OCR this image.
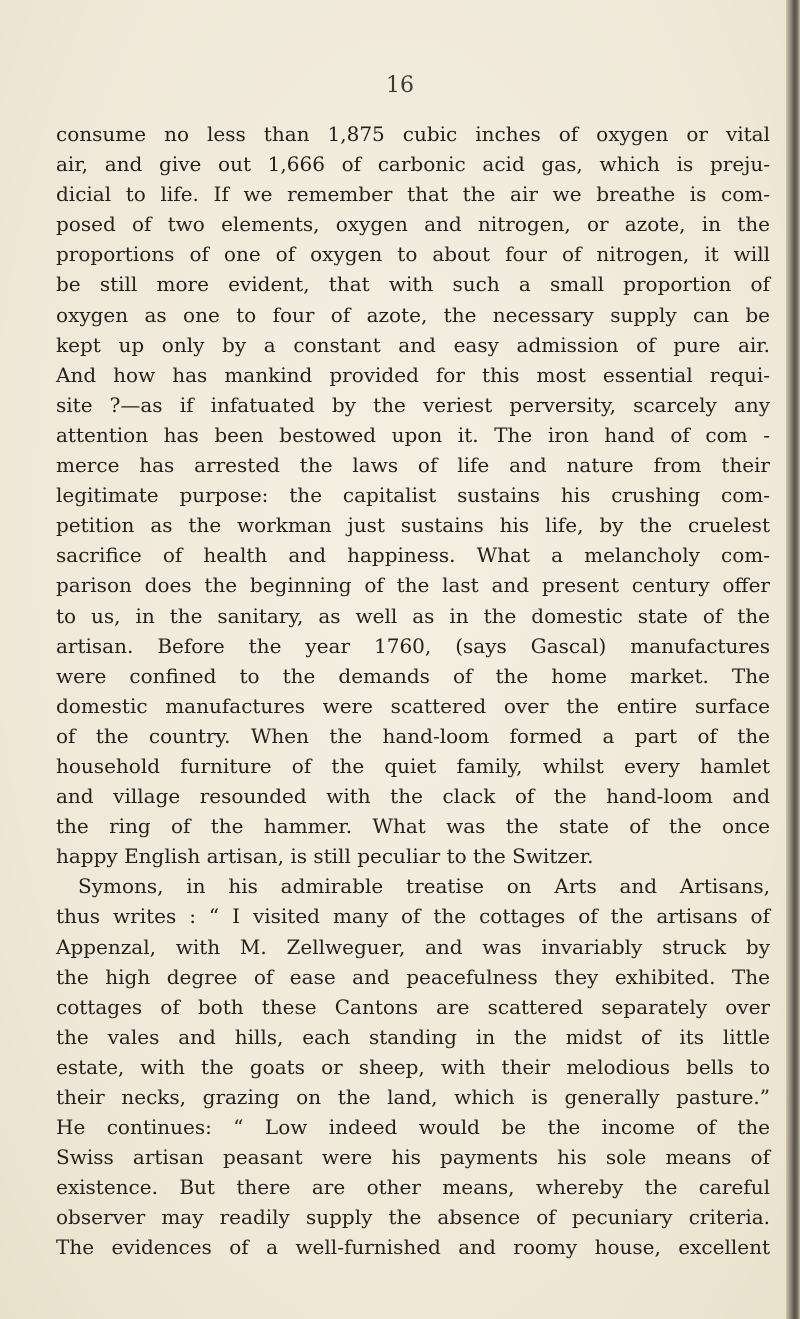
16

consume no less than 1,875 cubic inches of oxygen or vital
air, and give out 1,666 of carbonic acid gas, which is preju-
dicial to life. If we remember that the air we breathe is com-
posed of two elements, oxygen and nitrogen, or azote, in the
proportions of one of oxygen to about four of nitrogen, it will
be still more evident, that with such a small proportion of
oxygen as one to four of azote, the necessary supply can be
kept up only by a constant and easy admission of pure air.
And how has mankind provided for this most essential requi-
site ?—as if infatuated by the veriest perversity, scarcely any
attention has been bestowed upon it. The iron hand of com -
merce has arrested the laws of life and nature from their
legitimate purpose: the capitalist sustains his crushing com-
petition as the workman just sustains his life, by the cruelest
sacrifice of health and happiness. What a melancholy com-
parison does the beginning of the last and present century offer
to us, in the sanitary, as well as in the domestic state of the
artisan. Before the year 1760, (says Gascal) manufactures
were confined to the demands of the home market. The
domestic manufactures were scattered over the entire surface
of the country. When the hand-loom formed a part of the
household furniture of the quiet family, whilst every hamlet
and village resounded with the clack of the hand-loom and
the ring of the hammer. What was the state of the once
happy English artisan, is still peculiar to the Switzer.
Symons, in his admirable treatise on Arts and Artisans,
thus writes : “ I visited many of the cottages of the artisans of
Appenzal, with M. Zellweguer, and was invariably struck by
the high degree of ease and peacefulness they exhibited. The
cottages of both these Cantons are scattered separately over
the vales and hills, each standing in the midst of its little
estate, with the goats or sheep, with their melodious bells to
their necks, grazing on the land, which is generally pasture.”
He continues: “ Low indeed would be the income of the
Swiss artisan peasant were his payments his sole means of
existence. But there are other means, whereby the careful
observer may readily supply the absence of pecuniary criteria.
The evidences of a well-furnished and roomy house, excellent
